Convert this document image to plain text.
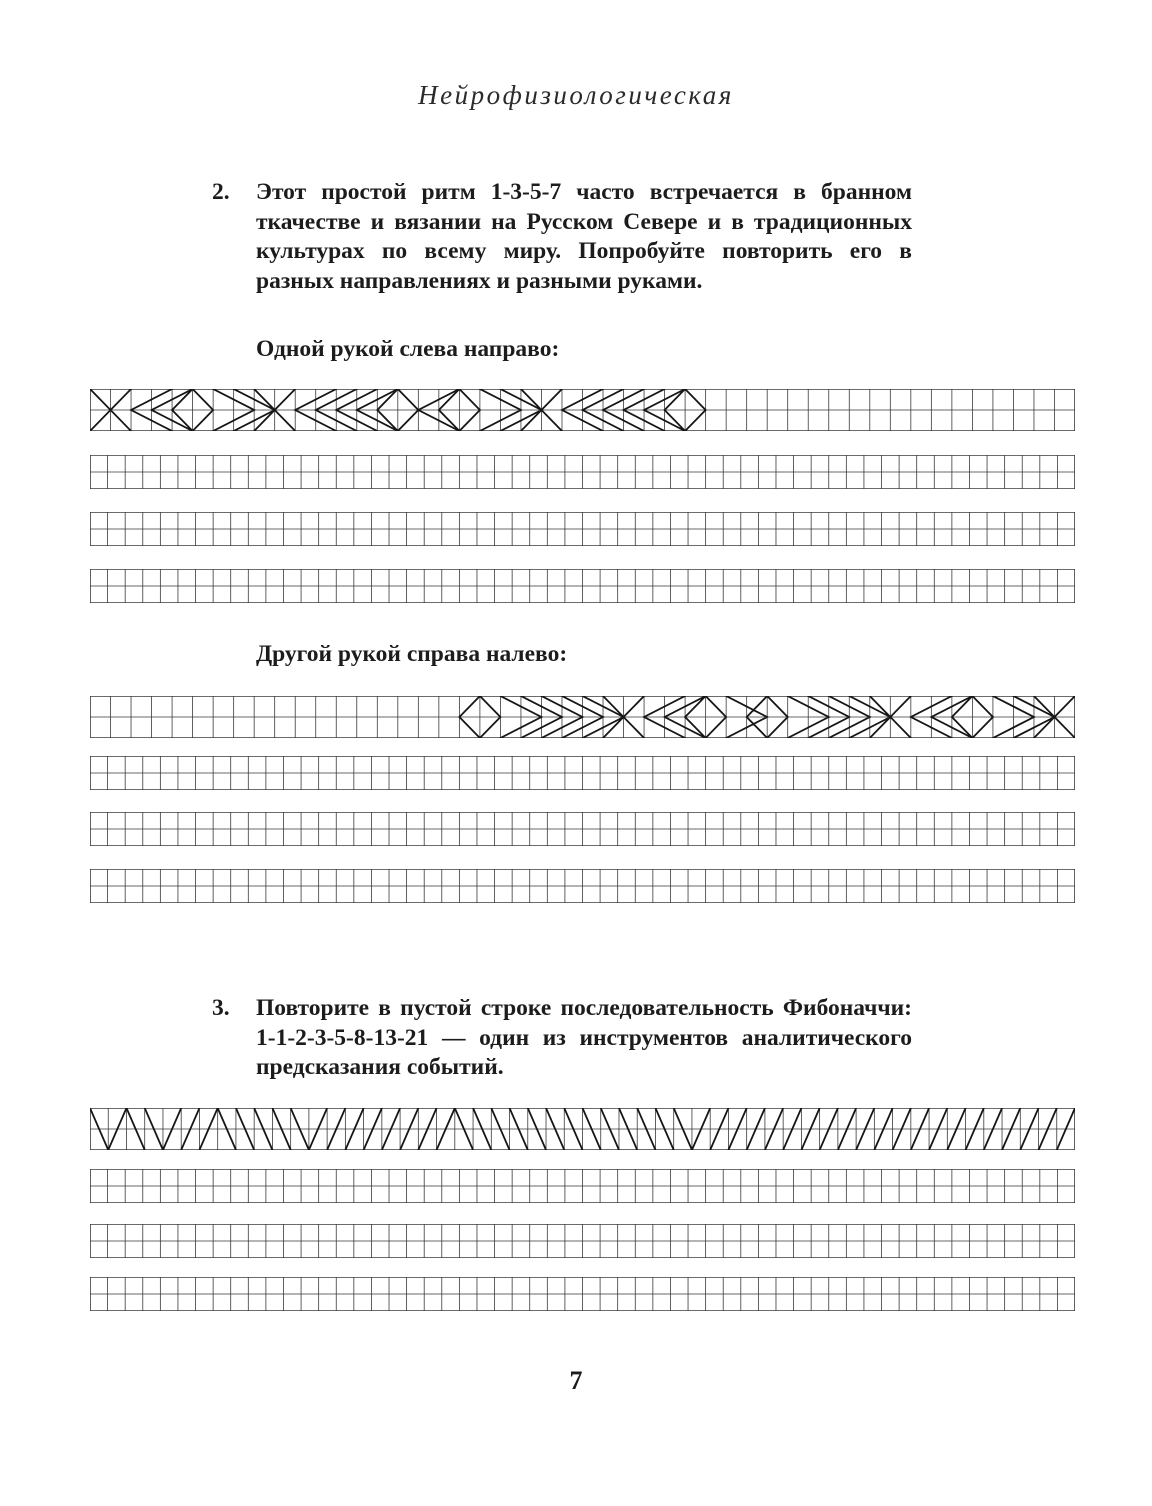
Нейрофизиологическая
2.	Этот простой ритм 1-3-5-7 часто встречается в бранном ткачестве и вязании на Русском Севере и в традиционных культурах по всему миру. Попробуйте повторить его в разных направлениях и разными руками.

Одной рукой слева направо:
Другой рукой справа налево:
3.	Повторите в пустой строке последовательность Фибоначчи: 1-1-2-3-5-8-13-21 — один из инструментов аналитического предсказания событий.

7
